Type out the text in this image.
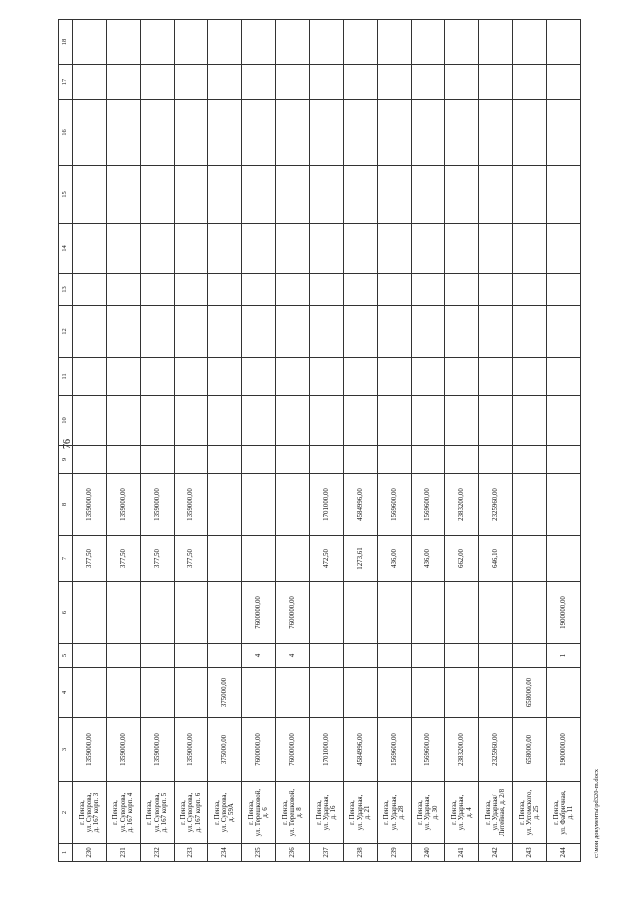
76
1	2	3	4	5	6	7	8	9	10	11	12	13	14	15	16	17	18
230	г. Пенза,
ул. Суворова,
д. 167 корп. 3	1359000,00				377,50	1359000,00										
231	г. Пенза,
ул. Суворова,
д. 167 корп. 4	1359000,00				377,50	1359000,00										
232	г. Пенза,
ул. Суворова,
д. 167 корп. 5	1359000,00				377,50	1359000,00										
233	г. Пенза,
ул. Суворова,
д. 167 корп. 6	1359000,00				377,50	1359000,00										
234	г. Пенза,
ул. Суворова,
д. 59А	375000,00	375000,00														
235	г. Пенза,
ул. Терешковой,
д. 6	7600000,00		4	7600000,00												
236	г. Пенза,
ул. Терешковой,
д. 8	7600000,00		4	7600000,00												
237	г. Пенза,
ул. Ударная,
д. 16	1701000,00				472,50	1701000,00										
238	г. Пенза,
ул. Ударная,
д. 21	4584996,00				1273,61	4584996,00										
239	г. Пенза,
ул. Ударная,
д. 28	1569600,00				436,00	1569600,00										
240	г. Пенза,
ул. Ударная,
д. 30	1569600,00				436,00	1569600,00										
241	г. Пенза,
ул. Ударная,
д. 4	2383200,00				662,00	2383200,00										
242	г. Пенза,
ул. Ударная/
Литейная, д. 2/8	2325960,00				646,10	2325960,00										
243	г. Пенза,
ул. Ухтомского,
д. 25	658000,00	658000,00														
244	г. Пенза,
ул. Фабричная,
д. 11	1900000,00		1	1900000,00												
c:\мои документы\pd320-m.docx
